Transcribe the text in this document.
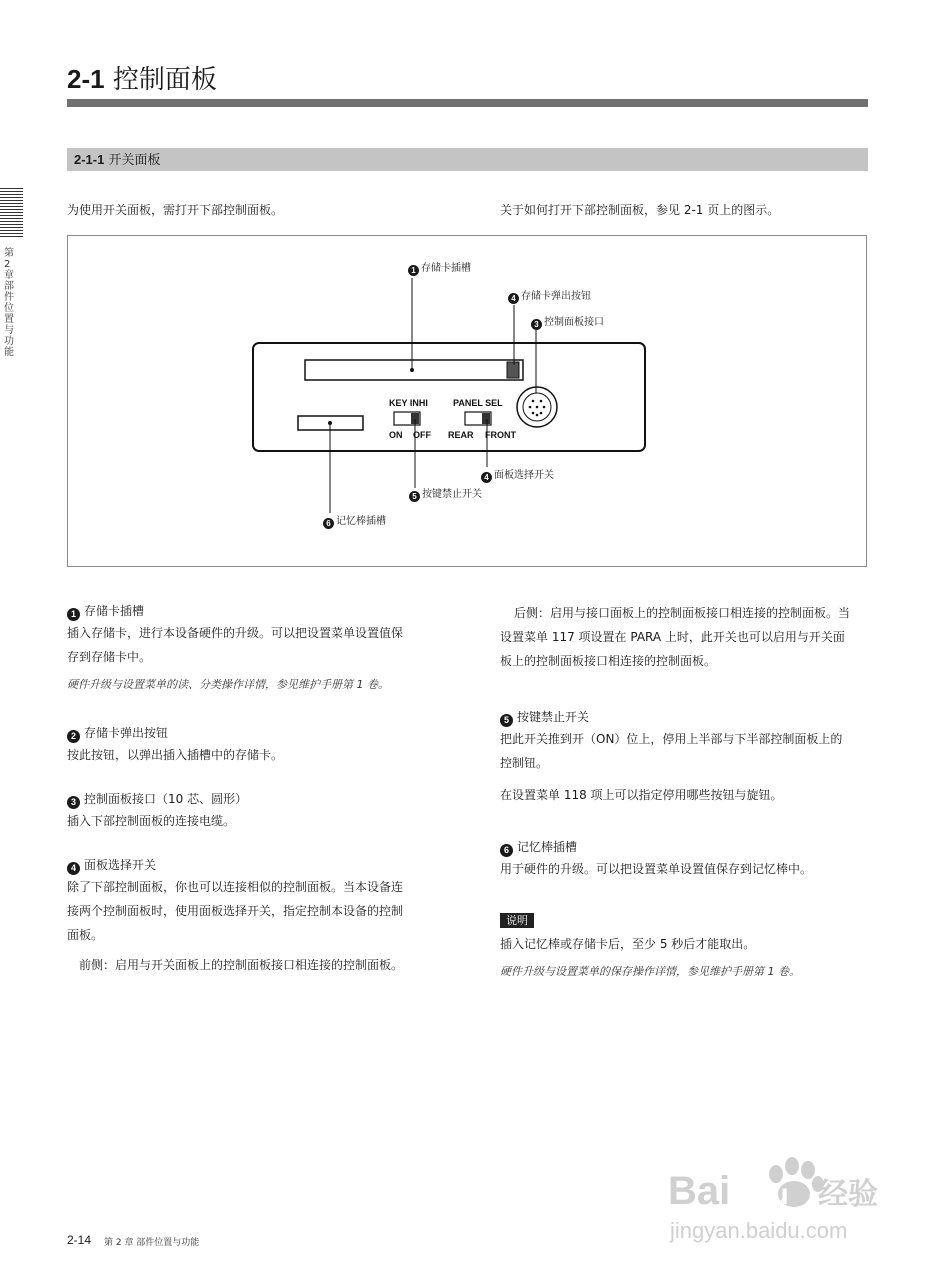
2-1 控制面板
2-1-1 开关面板
第2章 部件位置与功能
为使用开关面板，需打开下部控制面板。	关于如何打开下部控制面板，参见 2-1 页上的图示。
KEY INHI
ON OFF
PANEL SEL
REAR FRONT
1 存储卡插槽
4 存储卡弹出按钮
3 控制面板接口
4 面板选择开关
5 按键禁止开关
6 记忆棒插槽
1 存储卡插槽
插入存储卡，进行本设备硬件的升级。可以把设置菜单设置值保
存到存储卡中。
硬件升级与设置菜单的读、分类操作详情，参见维护手册第 1 卷。
2 存储卡弹出按钮
按此按钮，以弹出插入插槽中的存储卡。
3 控制面板接口（10 芯、圆形）
插入下部控制面板的连接电缆。
4 面板选择开关
除了下部控制面板，你也可以连接相似的控制面板。当本设备连
接两个控制面板时，使用面板选择开关，指定控制本设备的控制
面板。
前侧：启用与开关面板上的控制面板接口相连接的控制面板。
后侧：启用与接口面板上的控制面板接口相连接的控制面板。当
设置菜单 117 项设置在 PARA 上时，此开关也可以启用与开关面
板上的控制面板接口相连接的控制面板。
5 按键禁止开关
把此开关推到开（ON）位上，停用上半部与下半部控制面板上的
控制钮。
在设置菜单 118 项上可以指定停用哪些按钮与旋钮。
6 记忆棒插槽
用于硬件的升级。可以把设置菜单设置值保存到记忆棒中。
说明
插入记忆棒或存储卡后，至少 5 秒后才能取出。
硬件升级与设置菜单的保存操作详情，参见维护手册第 1 卷。
Bai du 经验
jingyan.baidu.com
2-14 第 2 章 部件位置与功能
